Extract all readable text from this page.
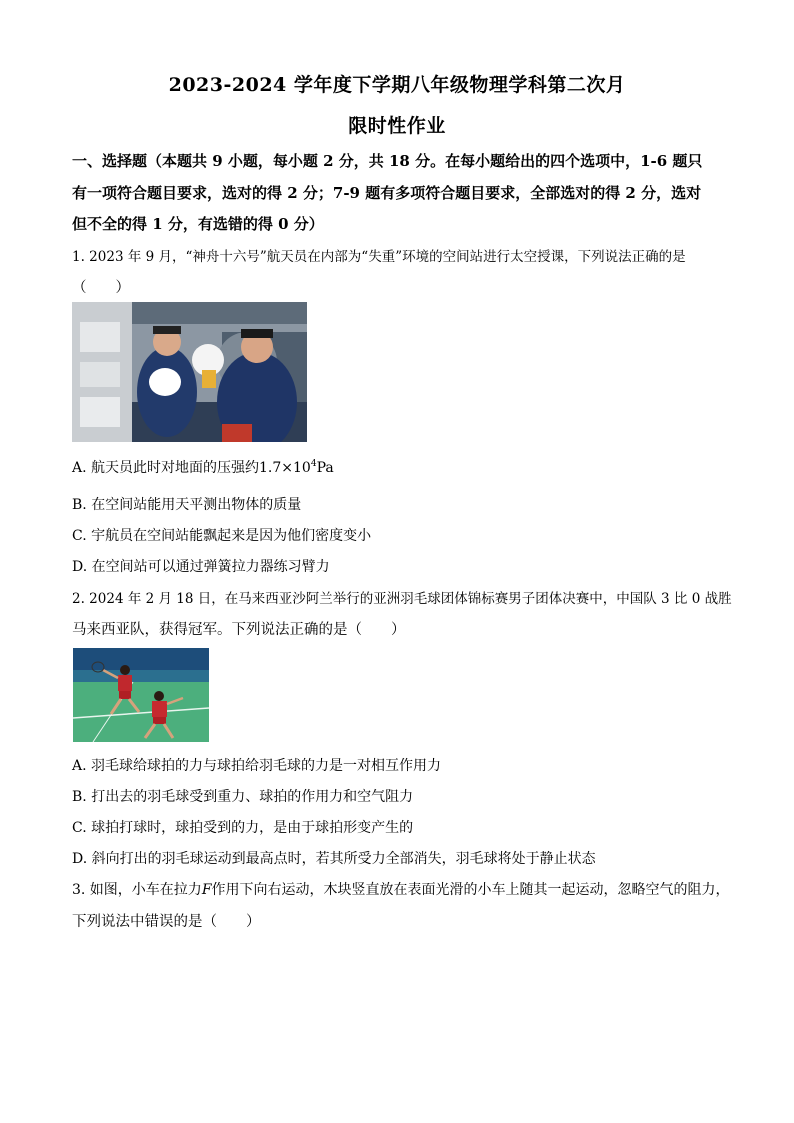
2023-2024 学年度下学期八年级物理学科第二次月
限时性作业
一、选择题（本题共 9 小题，每小题 2 分，共 18 分。在每小题给出的四个选项中，1-6 题只
有一项符合题目要求，选对的得 2 分；7-9 题有多项符合题目要求，全部选对的得 2 分，选对
但不全的得 1 分，有选错的得 0 分）
1. 2023 年 9 月，“神舟十六号”航天员在内部为“失重”环境的空间站进行太空授课，下列说法正确的是
（　　）
A. 航天员此时对地面的压强约$1.7\times 10^4Pa$
B. 在空间站能用天平测出物体的质量
C. 宇航员在空间站能飘起来是因为他们密度变小
D. 在空间站可以通过弹簧拉力器练习臂力
2. 2024 年 2 月 18 日，在马来西亚沙阿兰举行的亚洲羽毛球团体锦标赛男子团体决赛中，中国队 3 比 0 战胜
马来西亚队，获得冠军。下列说法正确的是（　　）
A. 羽毛球给球拍的力与球拍给羽毛球的力是一对相互作用力
B. 打出去的羽毛球受到重力、球拍的作用力和空气阻力
C. 球拍打球时，球拍受到的力，是由于球拍形变产生的
D. 斜向打出的羽毛球运动到最高点时，若其所受力全部消失，羽毛球将处于静止状态
3. 如图，小车在拉力F作用下向右运动，木块竖直放在表面光滑的小车上随其一起运动，忽略空气的阻力，
下列说法中错误的是（　　）
